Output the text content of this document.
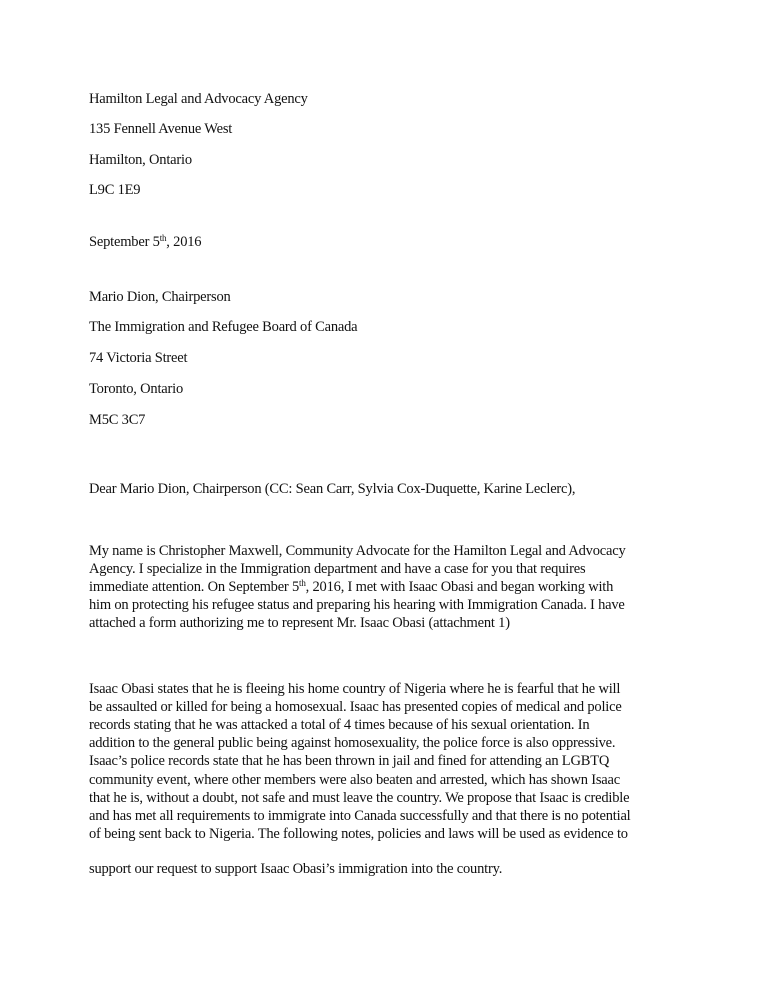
Hamilton Legal and Advocacy Agency
135 Fennell Avenue West
Hamilton, Ontario
L9C 1E9
September 5th, 2016
Mario Dion, Chairperson
The Immigration and Refugee Board of Canada
74 Victoria Street
Toronto, Ontario
M5C 3C7
Dear Mario Dion, Chairperson (CC: Sean Carr, Sylvia Cox-Duquette, Karine Leclerc),
My name is Christopher Maxwell, Community Advocate for the Hamilton Legal and Advocacy
Agency. I specialize in the Immigration department and have a case for you that requires
immediate attention. On September 5th, 2016, I met with Isaac Obasi and began working with
him on protecting his refugee status and preparing his hearing with Immigration Canada. I have
attached a form authorizing me to represent Mr. Isaac Obasi (attachment 1)
Isaac Obasi states that he is fleeing his home country of Nigeria where he is fearful that he will
be assaulted or killed for being a homosexual. Isaac has presented copies of medical and police
records stating that he was attacked a total of 4 times because of his sexual orientation. In
addition to the general public being against homosexuality, the police force is also oppressive.
Isaac’s police records state that he has been thrown in jail and fined for attending an LGBTQ
community event, where other members were also beaten and arrested, which has shown Isaac
that he is, without a doubt, not safe and must leave the country. We propose that Isaac is credible
and has met all requirements to immigrate into Canada successfully and that there is no potential
of being sent back to Nigeria. The following notes, policies and laws will be used as evidence to
support our request to support Isaac Obasi’s immigration into the country.
